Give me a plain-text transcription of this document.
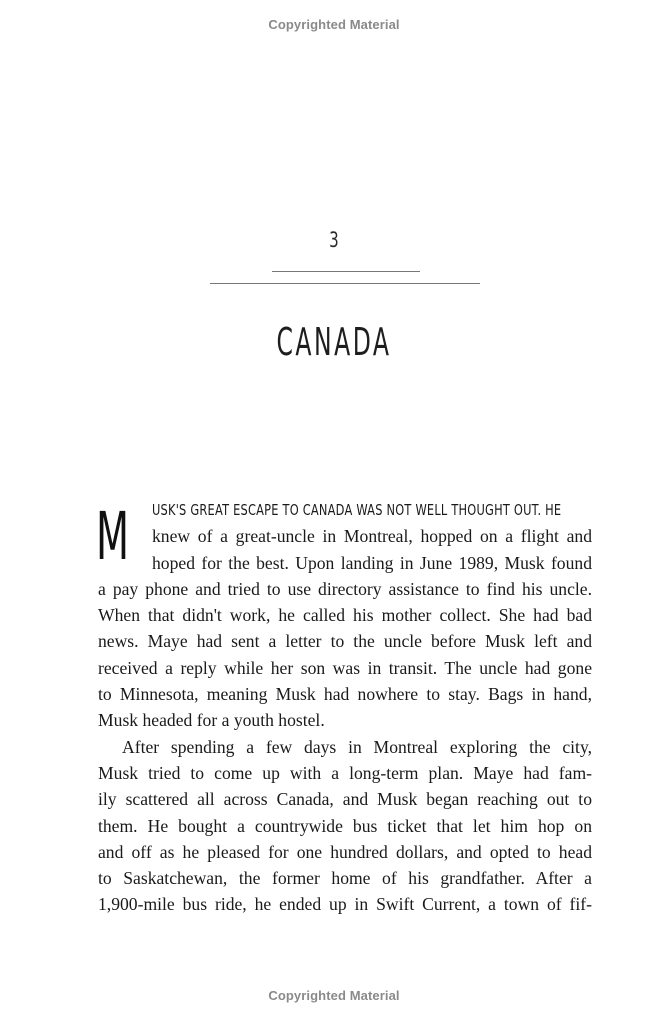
Copyrighted Material
3
CANADA
M USK'S GREAT ESCAPE TO CANADA WAS NOT WELL THOUGHT OUT. HE
knew of a great-uncle in Montreal, hopped on a flight and
hoped for the best. Upon landing in June 1989, Musk found
a pay phone and tried to use directory assistance to find his uncle.
When that didn't work, he called his mother collect. She had bad
news. Maye had sent a letter to the uncle before Musk left and
received a reply while her son was in transit. The uncle had gone
to Minnesota, meaning Musk had nowhere to stay. Bags in hand,
Musk headed for a youth hostel.
After spending a few days in Montreal exploring the city,
Musk tried to come up with a long-term plan. Maye had fam-
ily scattered all across Canada, and Musk began reaching out to
them. He bought a countrywide bus ticket that let him hop on
and off as he pleased for one hundred dollars, and opted to head
to Saskatchewan, the former home of his grandfather. After a
1,900-mile bus ride, he ended up in Swift Current, a town of fif-
Copyrighted Material
